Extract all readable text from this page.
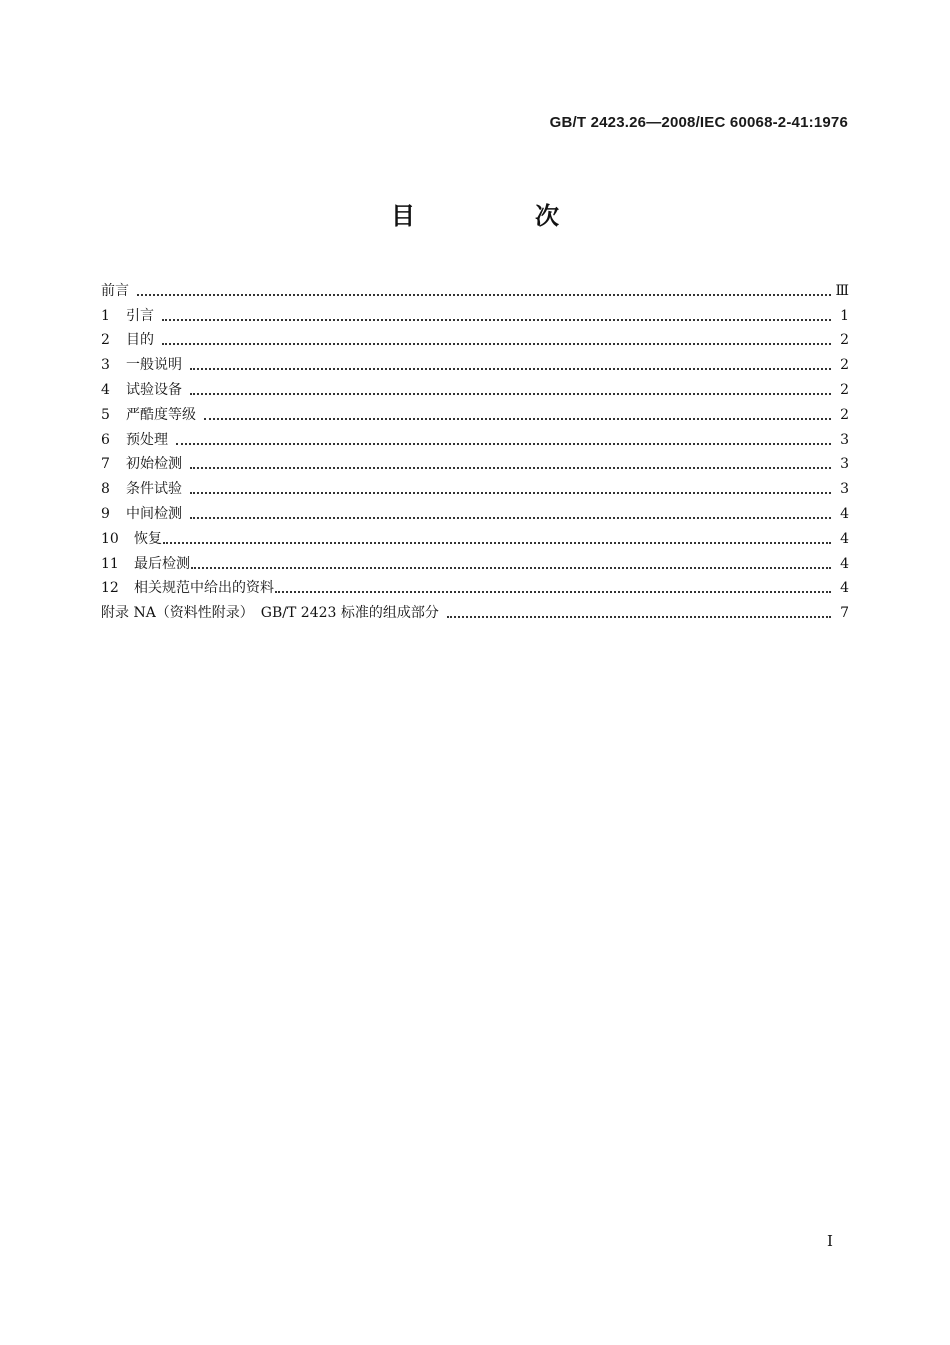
GB/T 2423.26—2008/IEC 60068-2-41:1976
目　次
前言	Ⅲ
1	引言	1
2	目的	2
3	一般说明	2
4	试验设备	2
5	严酷度等级	2
6	预处理	3
7	初始检测	3
8	条件试验	3
9	中间检测	4
10	恢复	4
11	最后检测	4
12	相关规范中给出的资料	4
附录 NA（资料性附录）　GB/T 2423 标准的组成部分	7
I
